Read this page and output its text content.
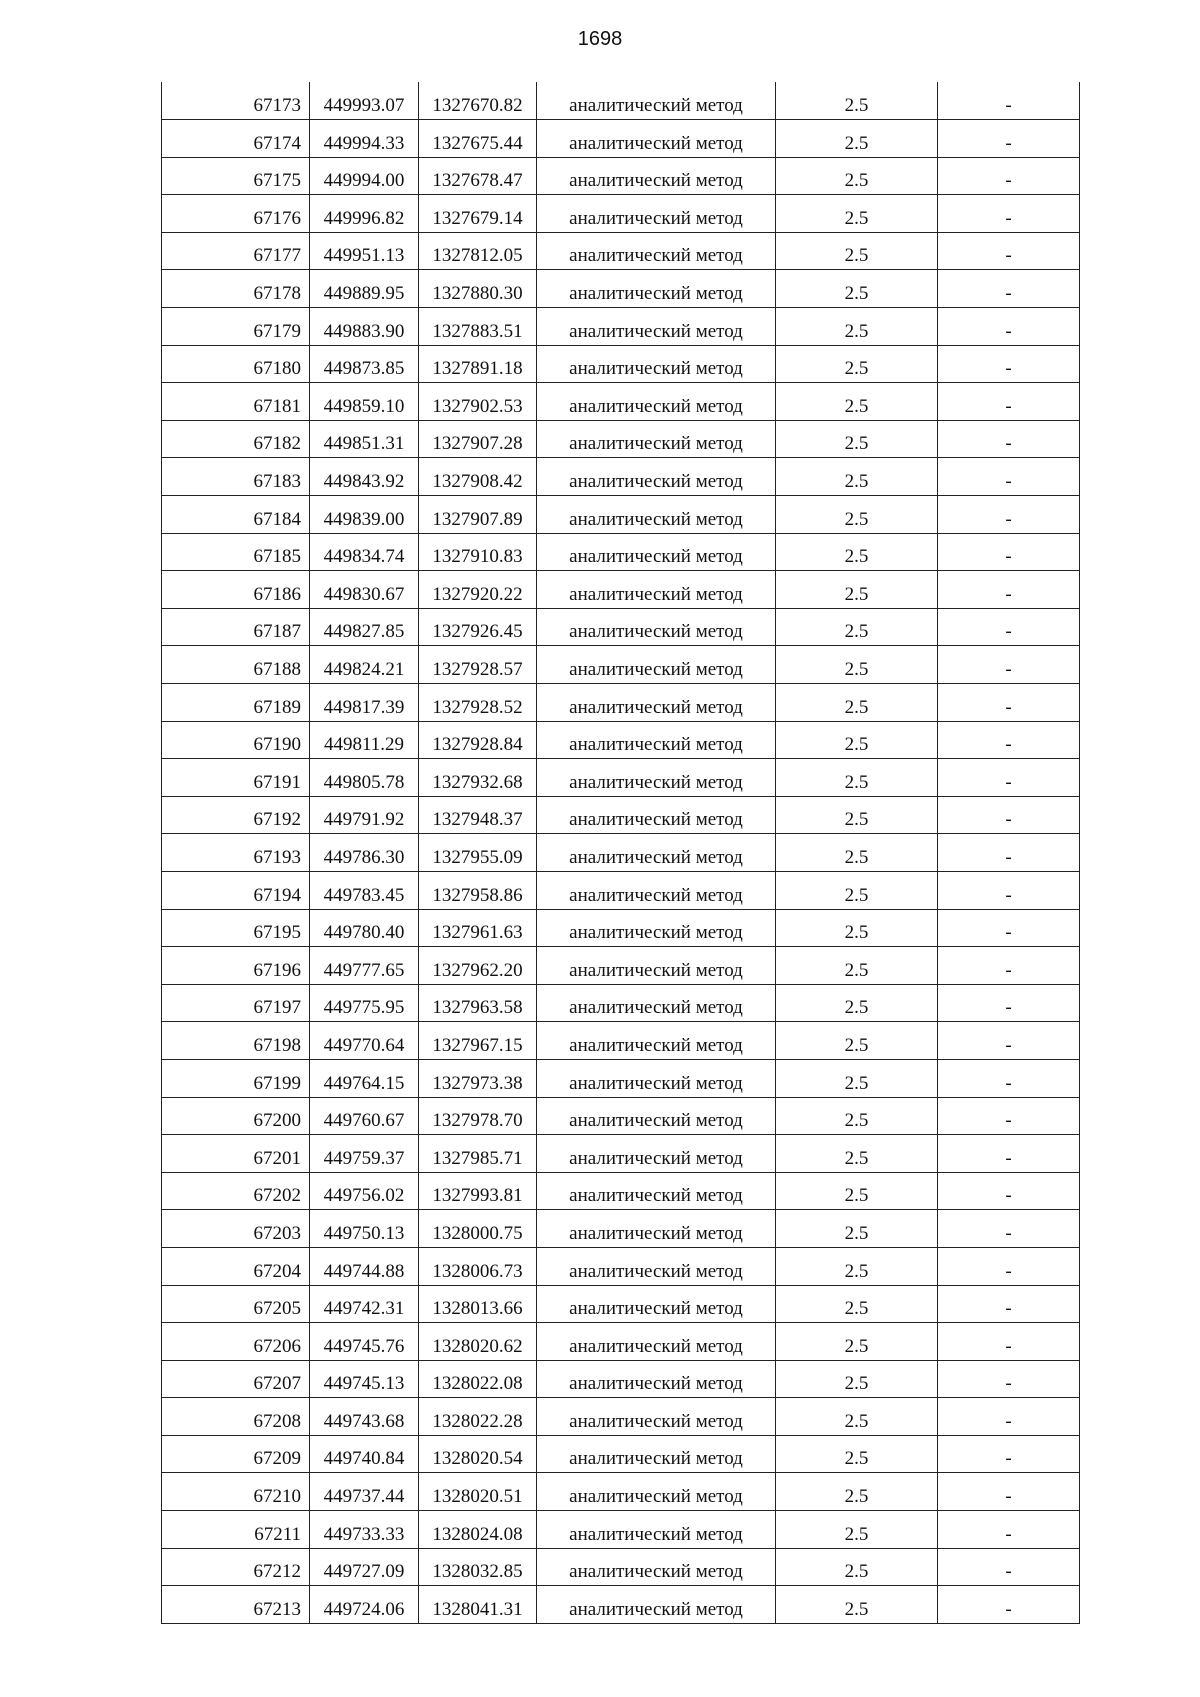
1698
67173	449993.07	1327670.82	аналитический метод	2.5	-
67174	449994.33	1327675.44	аналитический метод	2.5	-
67175	449994.00	1327678.47	аналитический метод	2.5	-
67176	449996.82	1327679.14	аналитический метод	2.5	-
67177	449951.13	1327812.05	аналитический метод	2.5	-
67178	449889.95	1327880.30	аналитический метод	2.5	-
67179	449883.90	1327883.51	аналитический метод	2.5	-
67180	449873.85	1327891.18	аналитический метод	2.5	-
67181	449859.10	1327902.53	аналитический метод	2.5	-
67182	449851.31	1327907.28	аналитический метод	2.5	-
67183	449843.92	1327908.42	аналитический метод	2.5	-
67184	449839.00	1327907.89	аналитический метод	2.5	-
67185	449834.74	1327910.83	аналитический метод	2.5	-
67186	449830.67	1327920.22	аналитический метод	2.5	-
67187	449827.85	1327926.45	аналитический метод	2.5	-
67188	449824.21	1327928.57	аналитический метод	2.5	-
67189	449817.39	1327928.52	аналитический метод	2.5	-
67190	449811.29	1327928.84	аналитический метод	2.5	-
67191	449805.78	1327932.68	аналитический метод	2.5	-
67192	449791.92	1327948.37	аналитический метод	2.5	-
67193	449786.30	1327955.09	аналитический метод	2.5	-
67194	449783.45	1327958.86	аналитический метод	2.5	-
67195	449780.40	1327961.63	аналитический метод	2.5	-
67196	449777.65	1327962.20	аналитический метод	2.5	-
67197	449775.95	1327963.58	аналитический метод	2.5	-
67198	449770.64	1327967.15	аналитический метод	2.5	-
67199	449764.15	1327973.38	аналитический метод	2.5	-
67200	449760.67	1327978.70	аналитический метод	2.5	-
67201	449759.37	1327985.71	аналитический метод	2.5	-
67202	449756.02	1327993.81	аналитический метод	2.5	-
67203	449750.13	1328000.75	аналитический метод	2.5	-
67204	449744.88	1328006.73	аналитический метод	2.5	-
67205	449742.31	1328013.66	аналитический метод	2.5	-
67206	449745.76	1328020.62	аналитический метод	2.5	-
67207	449745.13	1328022.08	аналитический метод	2.5	-
67208	449743.68	1328022.28	аналитический метод	2.5	-
67209	449740.84	1328020.54	аналитический метод	2.5	-
67210	449737.44	1328020.51	аналитический метод	2.5	-
67211	449733.33	1328024.08	аналитический метод	2.5	-
67212	449727.09	1328032.85	аналитический метод	2.5	-
67213	449724.06	1328041.31	аналитический метод	2.5	-
